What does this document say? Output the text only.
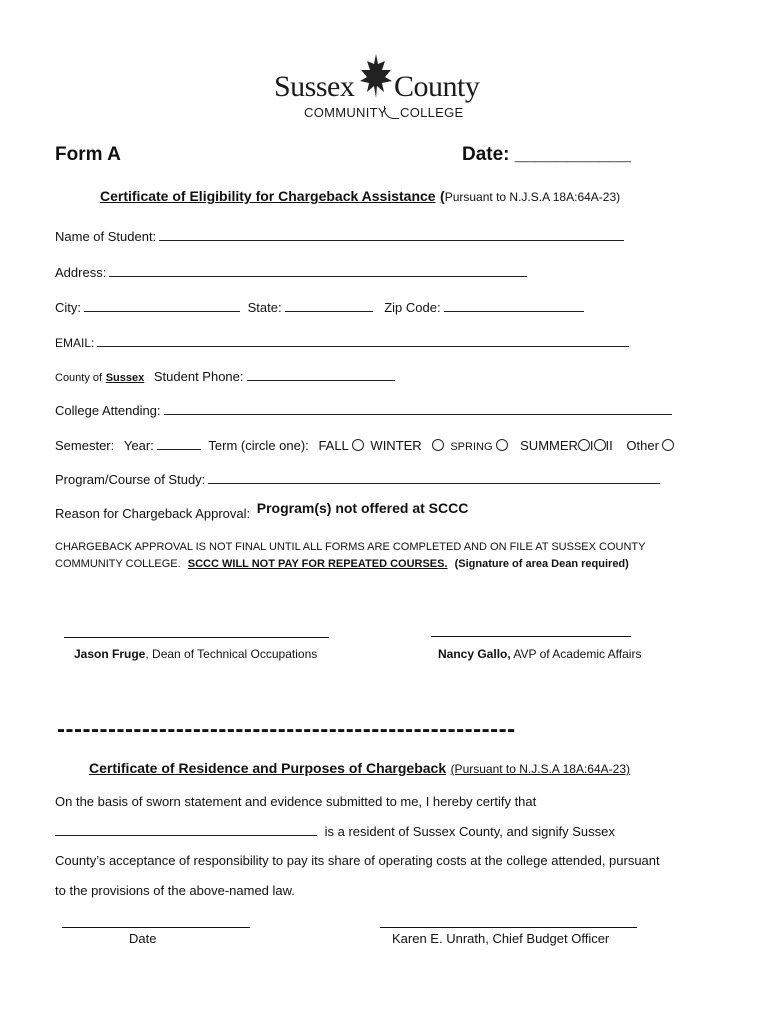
Sussex County
COMMUNITY COLLEGE
Form A	Date: ___________
Certificate of Eligibility for Chargeback Assistance (Pursuant to N.J.S.A 18A:64A-23)
Name of Student:
Address:
City:	State:	Zip Code:
EMAIL:
County of Sussex Student Phone:
College Attending:
Semester: Year:	Term (circle one): FALL WINTER	SPRING SUMMER I II Other
Program/Course of Study:
Reason for Chargeback Approval: Program(s) not offered at SCCC
CHARGEBACK APPROVAL IS NOT FINAL UNTIL ALL FORMS ARE COMPLETED AND ON FILE AT SUSSEX COUNTY
COMMUNITY COLLEGE. SCCC WILL NOT PAY FOR REPEATED COURSES. (Signature of area Dean required)
Jason Fruge, Dean of Technical Occupations	Nancy Gallo, AVP of Academic Affairs
------------------------------------------------------
Certificate of Residence and Purposes of Chargeback (Pursuant to N.J.S.A 18A:64A-23)
On the basis of sworn statement and evidence submitted to me, I hereby certify that
is a resident of Sussex County, and signify Sussex
County’s acceptance of responsibility to pay its share of operating costs at the college attended, pursuant
to the provisions of the above-named law.
Date	Karen E. Unrath, Chief Budget Officer
